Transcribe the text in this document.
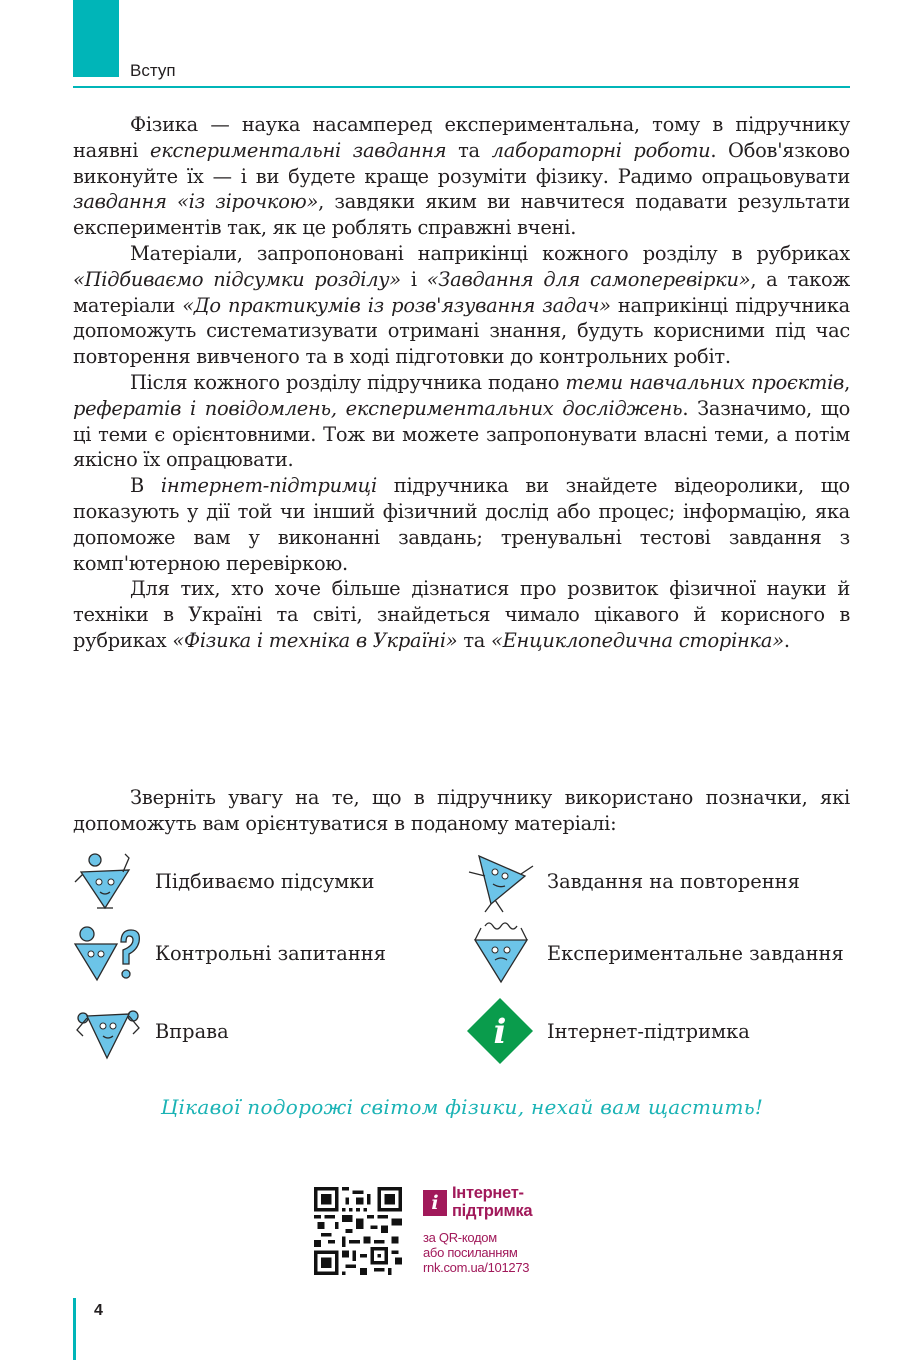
Вступ

Фізика — наука насамперед експериментальна, тому в підручнику наявні експериментальні завдання та лабораторні роботи. Обов'язково виконуйте їх — і ви будете краще розуміти фізику. Радимо опрацьовувати завдання «із зірочкою», завдяки яким ви навчитеся подавати результати експериментів так, як це роблять справжні вчені.

Матеріали, запропоновані наприкінці кожного розділу в рубриках «Підбиваємо підсумки розділу» і «Завдання для самоперевірки», а також матеріали «До практикумів із розв'язування задач» наприкінці підручника допоможуть систематизувати отримані знання, будуть корисними під час повторення вивченого та в ході підготовки до контрольних робіт.

Після кожного розділу підручника подано теми навчальних проєктів, рефератів і повідомлень, експериментальних досліджень. Зазначимо, що ці теми є орієнтовними. Тож ви можете запропонувати власні теми, а потім якісно їх опрацювати.

В інтернет-підтримці підручника ви знайдете відеоролики, що показують у дії той чи інший фізичний дослід або процес; інформацію, яка допоможе вам у виконанні завдань; тренувальні тестові завдання з комп'ютерною перевіркою.

Для тих, хто хоче більше дізнатися про розвиток фізичної науки й техніки в Україні та світі, знайдеться чимало цікавого й корисного в рубриках «Фізика і техніка в Україні» та «Енциклопедична сторінка».

Зверніть увагу на те, що в підручнику використано позначки, які допоможуть вам орієнтуватися в поданому матеріалі:

Підбиваємо підсумки	Завдання на повторення
Контрольні запитання	Експериментальне завдання
Вправа	i Інтернет-підтримка
Цікавої подорожі світом фізики, нехай вам щастить!
i Інтернет-
підтримка
за QR-кодом
або посиланням
rnk.com.ua/101273
4
